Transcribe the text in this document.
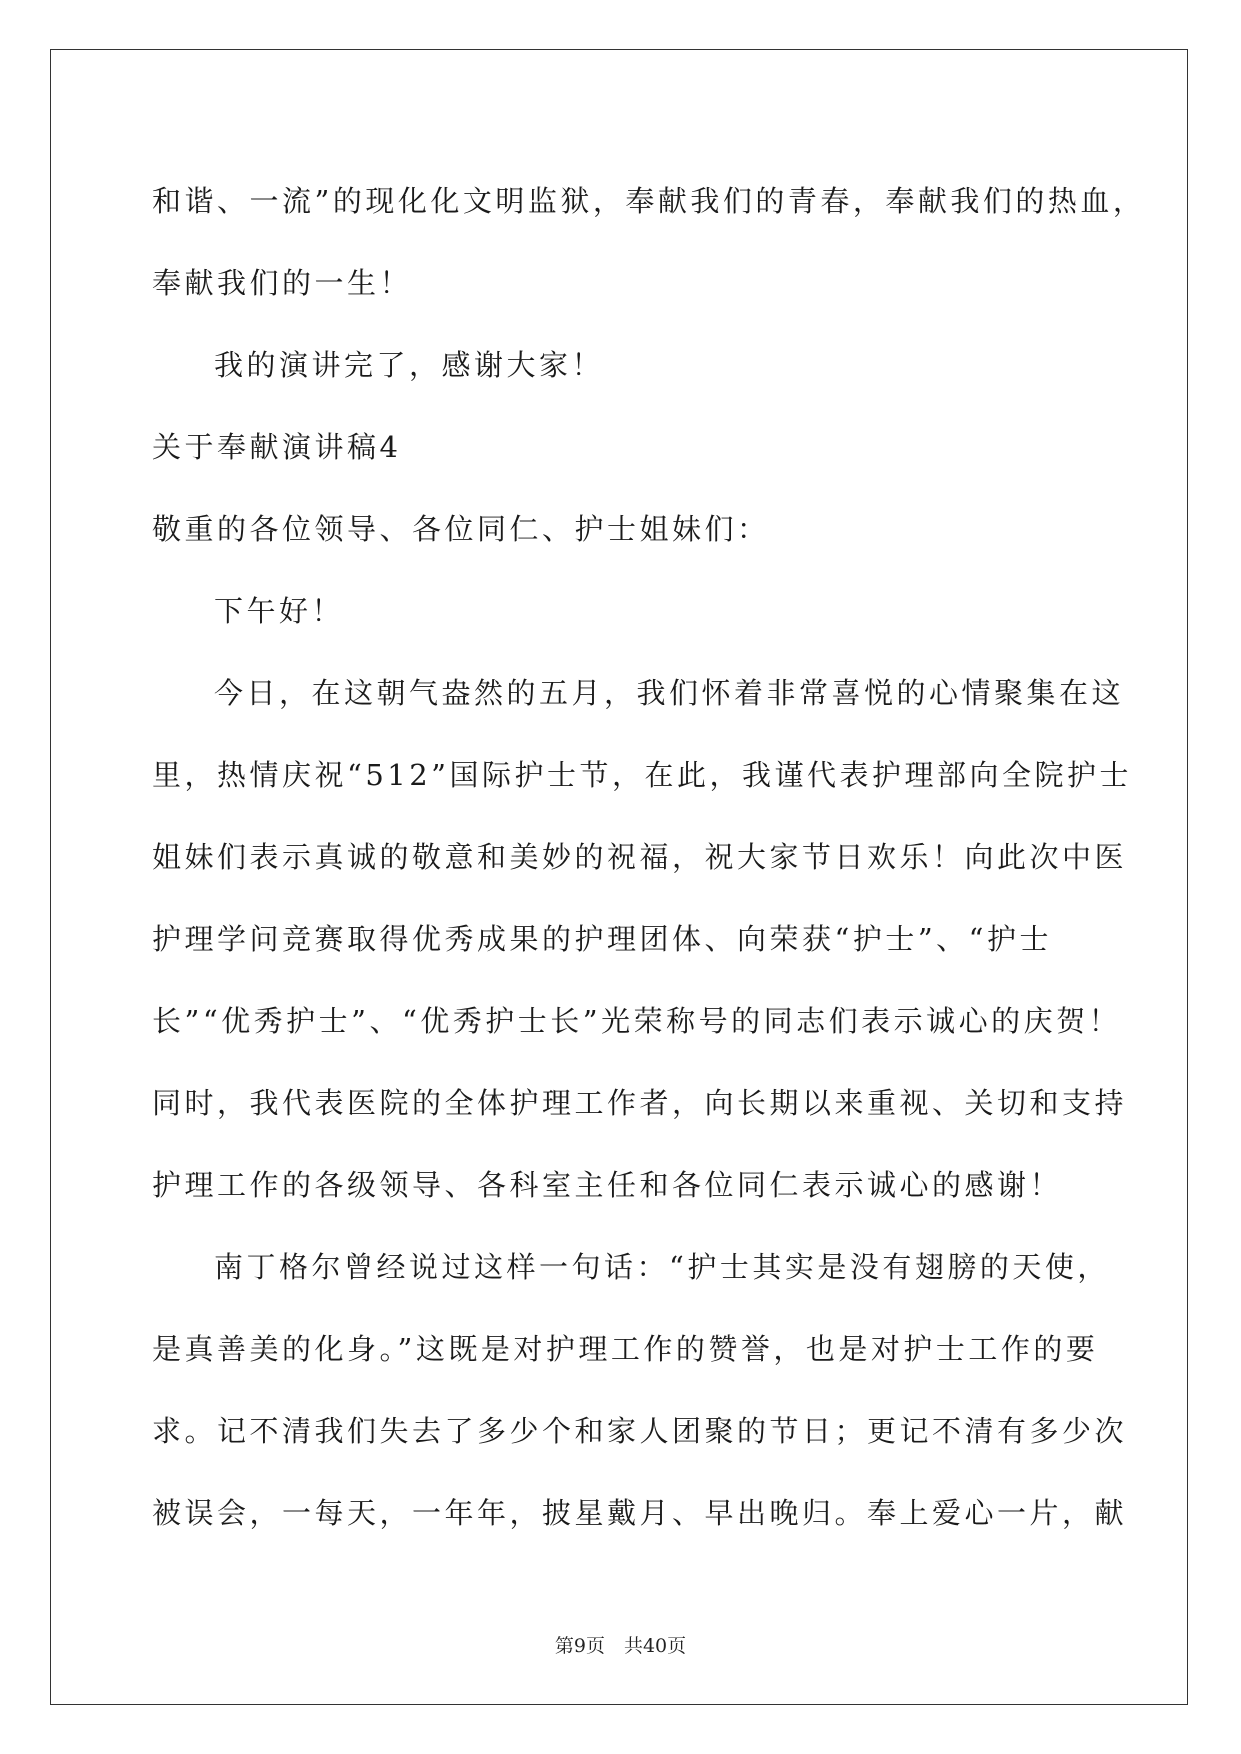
和谐、一流”的现化化文明监狱，奉献我们的青春，奉献我们的热血，
奉献我们的一生！
我的演讲完了，感谢大家！
关于奉献演讲稿4
敬重的各位领导、各位同仁、护士姐妹们：
下午好！
今日，在这朝气盎然的五月，我们怀着非常喜悦的心情聚集在这
里，热情庆祝“512”国际护士节，在此，我谨代表护理部向全院护士
姐妹们表示真诚的敬意和美妙的祝福，祝大家节日欢乐！向此次中医
护理学问竞赛取得优秀成果的护理团体、向荣获“护士”、“护士
长”“优秀护士”、“优秀护士长”光荣称号的同志们表示诚心的庆贺！
同时，我代表医院的全体护理工作者，向长期以来重视、关切和支持
护理工作的各级领导、各科室主任和各位同仁表示诚心的感谢！
南丁格尔曾经说过这样一句话：“护士其实是没有翅膀的天使，
是真善美的化身。”这既是对护理工作的赞誉，也是对护士工作的要
求。记不清我们失去了多少个和家人团聚的节日；更记不清有多少次
被误会，一每天，一年年，披星戴月、早出晚归。奉上爱心一片，献
第9页　共40页
